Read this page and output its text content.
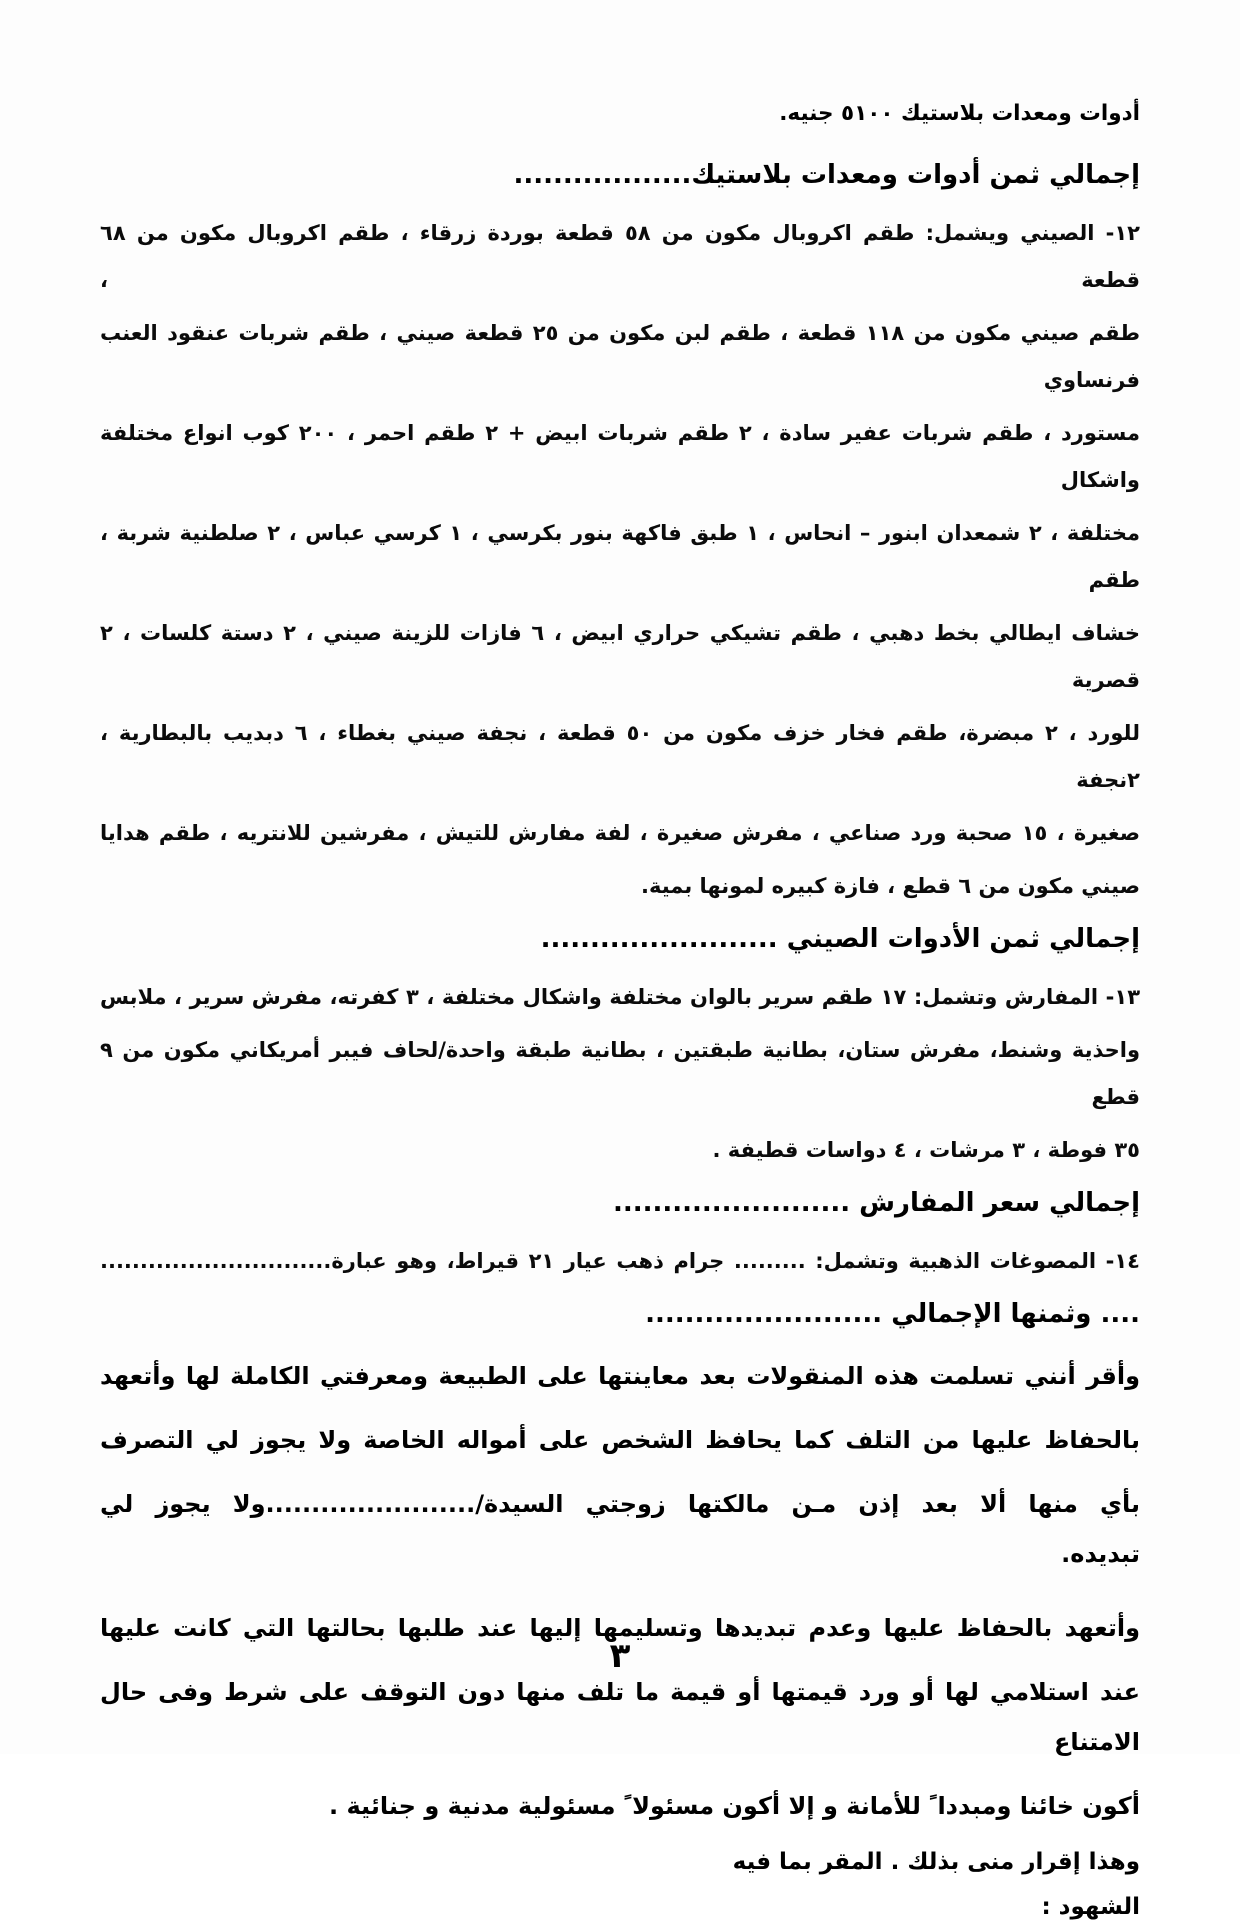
أدوات ومعدات بلاستيك ٥١٠٠ جنيه.

إجمالي ثمن أدوات ومعدات بلاستيك..................

١٢- الصيني ويشمل: طقم اكروبال مكون من ٥٨ قطعة بوردة زرقاء ، طقم اكروبال مكون من ٦٨ قطعة ،

طقم صيني مكون من ١١٨ قطعة ، طقم لبن مكون من ٢٥ قطعة صيني ، طقم شربات عنقود العنب فرنساوي

مستورد ، طقم شربات عفير سادة ، ٢ طقم شربات ابيض + ٢ طقم احمر ، ٢٠٠ كوب انواع مختلفة واشكال

مختلفة ، ٢ شمعدان ابنور – انحاس ، ١ طبق فاكهة بنور بكرسي ، ١ كرسي عباس ، ٢ صلطنية شربة ، طقم

خشاف ايطالي بخط دهبي ، طقم تشيكي حراري ابيض ، ٦ فازات للزينة صيني ، ٢ دستة كلسات ، ٢ قصرية

للورد ، ٢ مبضرة، طقم فخار خزف مكون من ٥٠ قطعة ، نجفة صيني بغطاء ، ٦ دبديب بالبطارية ، ٢نجفة

صغيرة ، ١٥ صحبة ورد صناعي ، مفرش صغيرة ، لفة مفارش للتيش ، مفرشين للانتريه ، طقم هدايا

صيني مكون من ٦ قطع ، فازة كبيره لمونها بمية.

إجمالي ثمن الأدوات الصيني ........................

١٣- المفارش وتشمل: ١٧ طقم سرير بالوان مختلفة واشكال مختلفة ، ٣ كفرته، مفرش سرير ، ملابس

واحذية وشنط، مفرش ستان، بطانية طبقتين ، بطانية طبقة واحدة/لحاف فيبر أمريكاني مكون من ٩ قطع

٣٥ فوطة ، ٣ مرشات ، ٤ دواسات قطيفة .

إجمالي سعر المفارش ........................

١٤- المصوغات الذهبية وتشمل: ......... جرام ذهب عيار ٢١ قيراط، وهو عبارة.............................

.... وثمنها الإجمالي ........................

وأقر أنني تسلمت هذه المنقولات بعد معاينتها على الطبيعة ومعرفتي الكاملة لها وأتعهد

بالحفاظ عليها من التلف كما يحافظ الشخص على أمواله الخاصة ولا يجوز لي التصرف

بأي منها ألا بعد إذن مـن مالكتها زوجتي السيدة/.......................ولا يجوز لي

تبديده.

وأتعهد بالحفاظ عليها وعدم تبديدها وتسليمها إليها عند طلبها بحالتها التي كانت عليها

عند استلامي لها أو ورد قيمتها أو قيمة ما تلف منها دون التوقف على شرط وفى حال الامتناع

أكون خائنا ومبددا ً للأمانة و إلا أكون مسئولا ً مسئولية مدنية و جنائية .

وهذا إقرار منى بذلك . المقر بما فيه

الشهود :

٣
